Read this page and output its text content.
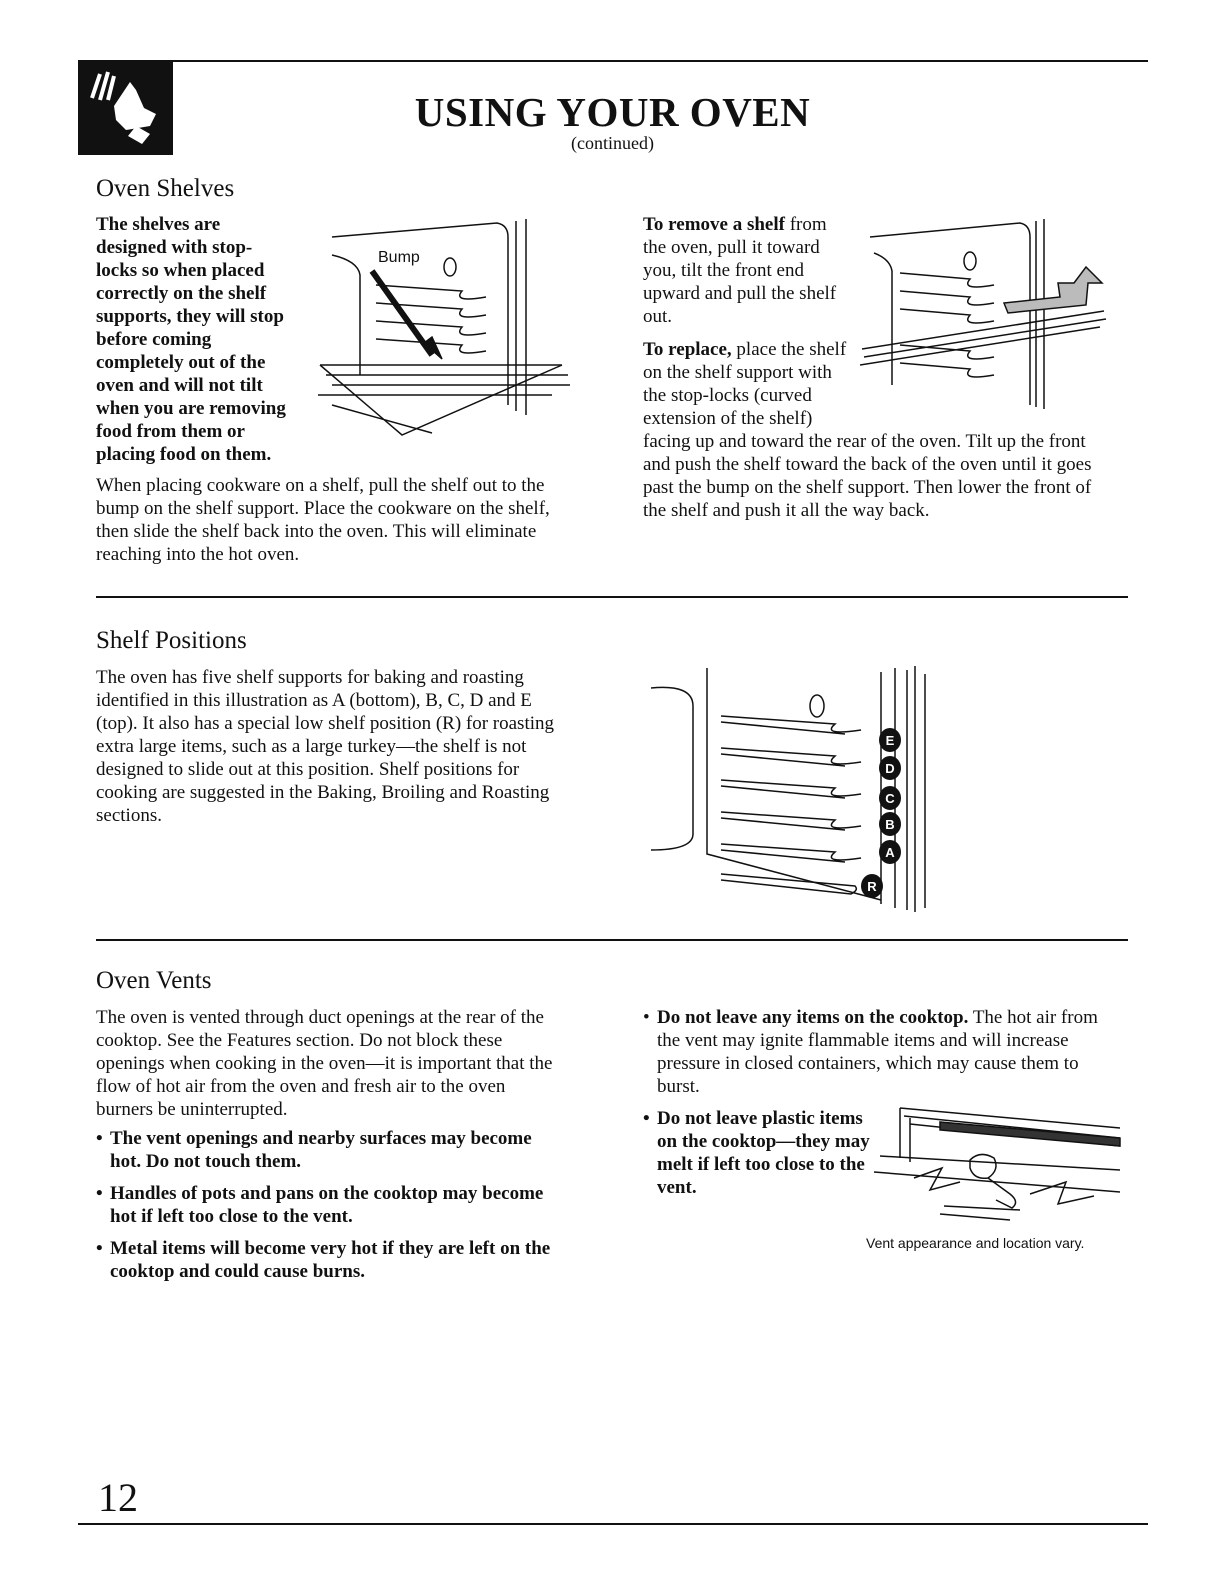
USING YOUR OVEN
(continued)
Oven Shelves
The shelves are
designed with stop-
locks so when placed
correctly on the shelf
supports, they will stop
before coming
completely out of the
oven and will not tilt
when you are removing
food from them or
placing food on them.
Bump
When placing cookware on a shelf, pull the shelf out to the bump on the shelf support. Place the cookware on the shelf, then slide the shelf back into the oven. This will eliminate reaching into the hot oven.
To remove a shelf from the oven, pull it toward you, tilt the front end upward and pull the shelf out.
To replace, place the shelf on the shelf support with the stop-locks (curved extension of the shelf) facing up and toward the rear of the oven. Tilt up the front and push the shelf toward the back of the oven until it goes past the bump on the shelf support. Then lower the front of the shelf and push it all the way back.
Shelf Positions
The oven has five shelf supports for baking and roasting identified in this illustration as A (bottom), B, C, D and E (top). It also has a special low shelf position (R) for roasting extra large items, such as a large turkey—the shelf is not designed to slide out at this position. Shelf positions for cooking are suggested in the Baking, Broiling and Roasting sections.
E
D
C
B
A
R
Oven Vents
The oven is vented through duct openings at the rear of the cooktop. See the Features section. Do not block these openings when cooking in the oven—it is important that the flow of hot air from the oven and fresh air to the oven burners be uninterrupted.
• The vent openings and nearby surfaces may become hot. Do not touch them.
• Handles of pots and pans on the cooktop may become hot if left too close to the vent.
• Metal items will become very hot if they are left on the cooktop and could cause burns.
• Do not leave any items on the cooktop. The hot air from the vent may ignite flammable items and will increase pressure in closed containers, which may cause them to burst.
• Do not leave plastic items on the cooktop—they may melt if left too close to the vent.
Vent appearance and location vary.
12
